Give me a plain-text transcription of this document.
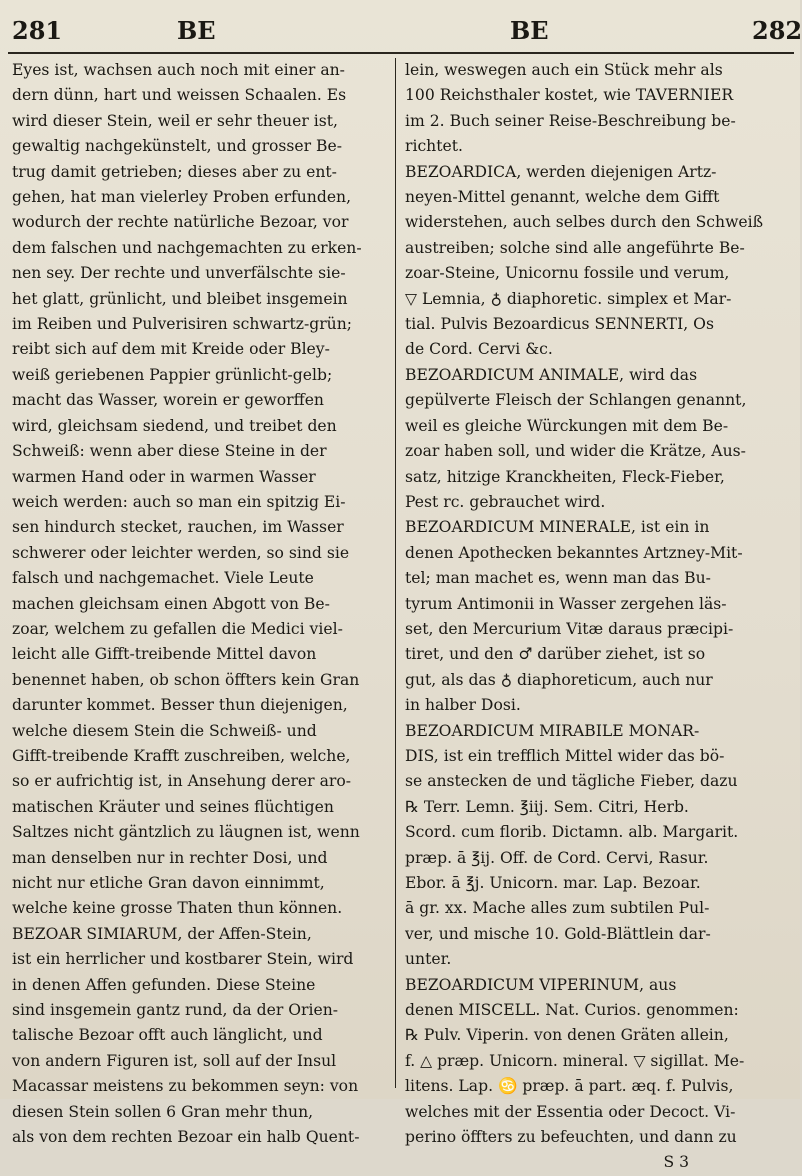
281	BE	BE	282
Eyes ist, wachsen auch noch mit einer an-
dern dünn, hart und weissen Schaalen. Es
wird dieser Stein, weil er sehr theuer ist,
gewaltig nachgekünstelt, und grosser Be-
trug damit getrieben; dieses aber zu ent-
gehen, hat man vielerley Proben erfunden,
wodurch der rechte natürliche Bezoar, vor
dem falschen und nachgemachten zu erken-
nen sey. Der rechte und unverfälschte sie-
het glatt, grünlicht, und bleibet insgemein
im Reiben und Pulverisiren schwartz-grün;
reibt sich auf dem mit Kreide oder Bley-
weiß geriebenen Pappier grünlicht-gelb;
macht das Wasser, worein er geworffen
wird, gleichsam siedend, und treibet den
Schweiß: wenn aber diese Steine in der
warmen Hand oder in warmen Wasser
weich werden: auch so man ein spitzig Ei-
sen hindurch stecket, rauchen, im Wasser
schwerer oder leichter werden, so sind sie
falsch und nachgemachet. Viele Leute
machen gleichsam einen Abgott von Be-
zoar, welchem zu gefallen die Medici viel-
leicht alle Gifft-treibende Mittel davon
benennet haben, ob schon öffters kein Gran
darunter kommet. Besser thun diejenigen,
welche diesem Stein die Schweiß- und
Gifft-treibende Krafft zuschreiben, welche,
so er aufrichtig ist, in Ansehung derer aro-
matischen Kräuter und seines flüchtigen
Saltzes nicht gäntzlich zu läugnen ist, wenn
man denselben nur in rechter Dosi, und
nicht nur etliche Gran davon einnimmt,
welche keine grosse Thaten thun können.
BEZOAR SIMIARUM, der Affen-Stein,
ist ein herrlicher und kostbarer Stein, wird
in denen Affen gefunden. Diese Steine
sind insgemein gantz rund, da der Orien-
talische Bezoar offt auch länglicht, und
von andern Figuren ist, soll auf der Insul
Macassar meistens zu bekommen seyn: von
diesen Stein sollen 6 Gran mehr thun,
als von dem rechten Bezoar ein halb Quent-
lein, weswegen auch ein Stück mehr als
100 Reichsthaler kostet, wie TAVERNIER
im 2. Buch seiner Reise-Beschreibung be-
richtet.
BEZOARDICA, werden diejenigen Artz-
neyen-Mittel genannt, welche dem Gifft
widerstehen, auch selbes durch den Schweiß
austreiben; solche sind alle angeführte Be-
zoar-Steine, Unicornu fossile und verum,
▽ Lemnia, ♁ diaphoretic. simplex et Mar-
tial. Pulvis Bezoardicus SENNERTI, Os
de Cord. Cervi &c.
BEZOARDICUM ANIMALE, wird das
gepülverte Fleisch der Schlangen genannt,
weil es gleiche Würckungen mit dem Be-
zoar haben soll, und wider die Krätze, Aus-
satz, hitzige Kranckheiten, Fleck-Fieber,
Pest rc. gebrauchet wird.
BEZOARDICUM MINERALE, ist ein in
denen Apothecken bekanntes Artzney-Mit-
tel; man machet es, wenn man das Bu-
tyrum Antimonii in Wasser zergehen läs-
set, den Mercurium Vitæ daraus præcipi-
tiret, und den ♂ darüber ziehet, ist so
gut, als das ♁ diaphoreticum, auch nur
in halber Dosi.
BEZOARDICUM MIRABILE MONAR-
DIS, ist ein trefflich Mittel wider das bö-
se anstecken de und tägliche Fieber, dazu
℞ Terr. Lemn. ℥iij. Sem. Citri, Herb.
Scord. cum florib. Dictamn. alb. Margarit.
præp. ā ℥ij. Off. de Cord. Cervi, Rasur.
Ebor. ā ℥j. Unicorn. mar. Lap. Bezoar.
ā gr. xx. Mache alles zum subtilen Pul-
ver, und mische 10. Gold-Blättlein dar-
unter.
BEZOARDICUM VIPERINUM, aus
denen MISCELL. Nat. Curios. genommen:
℞ Pulv. Viperin. von denen Gräten allein,
f. △ præp. Unicorn. mineral. ▽ sigillat. Me-
litens. Lap. ♋ præp. ā part. æq. f. Pulvis,
welches mit der Essentia oder Decoct. Vi-
perino öffters zu befeuchten, und dann zu
S 3
